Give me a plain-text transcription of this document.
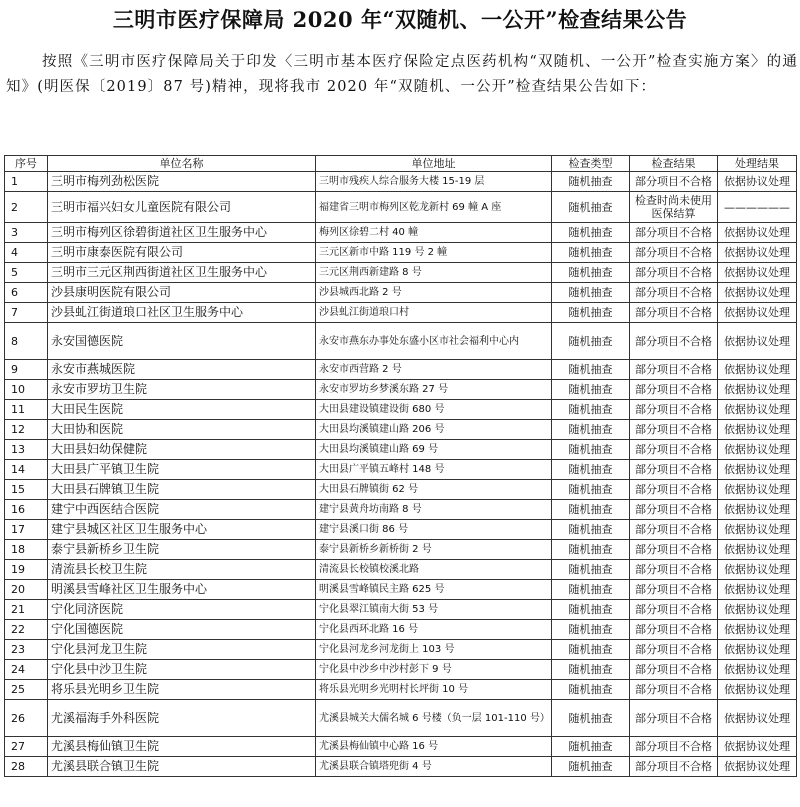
三明市医疗保障局 2020 年“双随机、一公开”检查结果公告
按照《三明市医疗保障局关于印发〈三明市基本医疗保险定点医药机构“双随机、一公开”检查实施方案〉的通知》(明医保〔2019〕87 号)精神，现将我市 2020 年“双随机、一公开”检查结果公告如下：
序号	单位名称	单位地址	检查类型	检查结果	处理结果
1	三明市梅列劲松医院	三明市残疾人综合服务大楼 15-19 层	随机抽查	部分项目不合格	依据协议处理
2	三明市福兴妇女儿童医院有限公司	福建省三明市梅列区乾龙新村 69 幢 A 座	随机抽查	检查时尚未使用医保结算	——————
3	三明市梅列区徐碧街道社区卫生服务中心	梅列区徐碧二村 40 幢	随机抽查	部分项目不合格	依据协议处理
4	三明市康泰医院有限公司	三元区新市中路 119 号 2 幢	随机抽查	部分项目不合格	依据协议处理
5	三明市三元区荆西街道社区卫生服务中心	三元区荆西新建路 8 号	随机抽查	部分项目不合格	依据协议处理
6	沙县康明医院有限公司	沙县城西北路 2 号	随机抽查	部分项目不合格	依据协议处理
7	沙县虬江街道琅口社区卫生服务中心	沙县虬江街道琅口村	随机抽查	部分项目不合格	依据协议处理
8	永安国德医院	永安市燕东办事处东盛小区市社会福利中心内	随机抽查	部分项目不合格	依据协议处理
9	永安市燕城医院	永安市西营路 2 号	随机抽查	部分项目不合格	依据协议处理
10	永安市罗坊卫生院	永安市罗坊乡梦溪东路 27 号	随机抽查	部分项目不合格	依据协议处理
11	大田民生医院	大田县建设镇建设街 680 号	随机抽查	部分项目不合格	依据协议处理
12	大田协和医院	大田县均溪镇建山路 206 号	随机抽查	部分项目不合格	依据协议处理
13	大田县妇幼保健院	大田县均溪镇建山路 69 号	随机抽查	部分项目不合格	依据协议处理
14	大田县广平镇卫生院	大田县广平镇五峰村 148 号	随机抽查	部分项目不合格	依据协议处理
15	大田县石牌镇卫生院	大田县石牌镇街 62 号	随机抽查	部分项目不合格	依据协议处理
16	建宁中西医结合医院	建宁县黄舟坊南路 8 号	随机抽查	部分项目不合格	依据协议处理
17	建宁县城区社区卫生服务中心	建宁县溪口街 86 号	随机抽查	部分项目不合格	依据协议处理
18	泰宁县新桥乡卫生院	泰宁县新桥乡新桥街 2 号	随机抽查	部分项目不合格	依据协议处理
19	清流县长校卫生院	清流县长校镇校溪北路	随机抽查	部分项目不合格	依据协议处理
20	明溪县雪峰社区卫生服务中心	明溪县雪峰镇民主路 625 号	随机抽查	部分项目不合格	依据协议处理
21	宁化同济医院	宁化县翠江镇南大街 53 号	随机抽查	部分项目不合格	依据协议处理
22	宁化国德医院	宁化县西环北路 16 号	随机抽查	部分项目不合格	依据协议处理
23	宁化县河龙卫生院	宁化县河龙乡河龙街上 103 号	随机抽查	部分项目不合格	依据协议处理
24	宁化县中沙卫生院	宁化县中沙乡中沙村彭下 9 号	随机抽查	部分项目不合格	依据协议处理
25	将乐县光明乡卫生院	将乐县光明乡光明村长坪街 10 号	随机抽查	部分项目不合格	依据协议处理
26	尤溪福海手外科医院	尤溪县城关大儒名城 6 号楼（负一层 101-110 号）	随机抽查	部分项目不合格	依据协议处理
27	尤溪县梅仙镇卫生院	尤溪县梅仙镇中心路 16 号	随机抽查	部分项目不合格	依据协议处理
28	尤溪县联合镇卫生院	尤溪县联合镇塔兜街 4 号	随机抽查	部分项目不合格	依据协议处理
